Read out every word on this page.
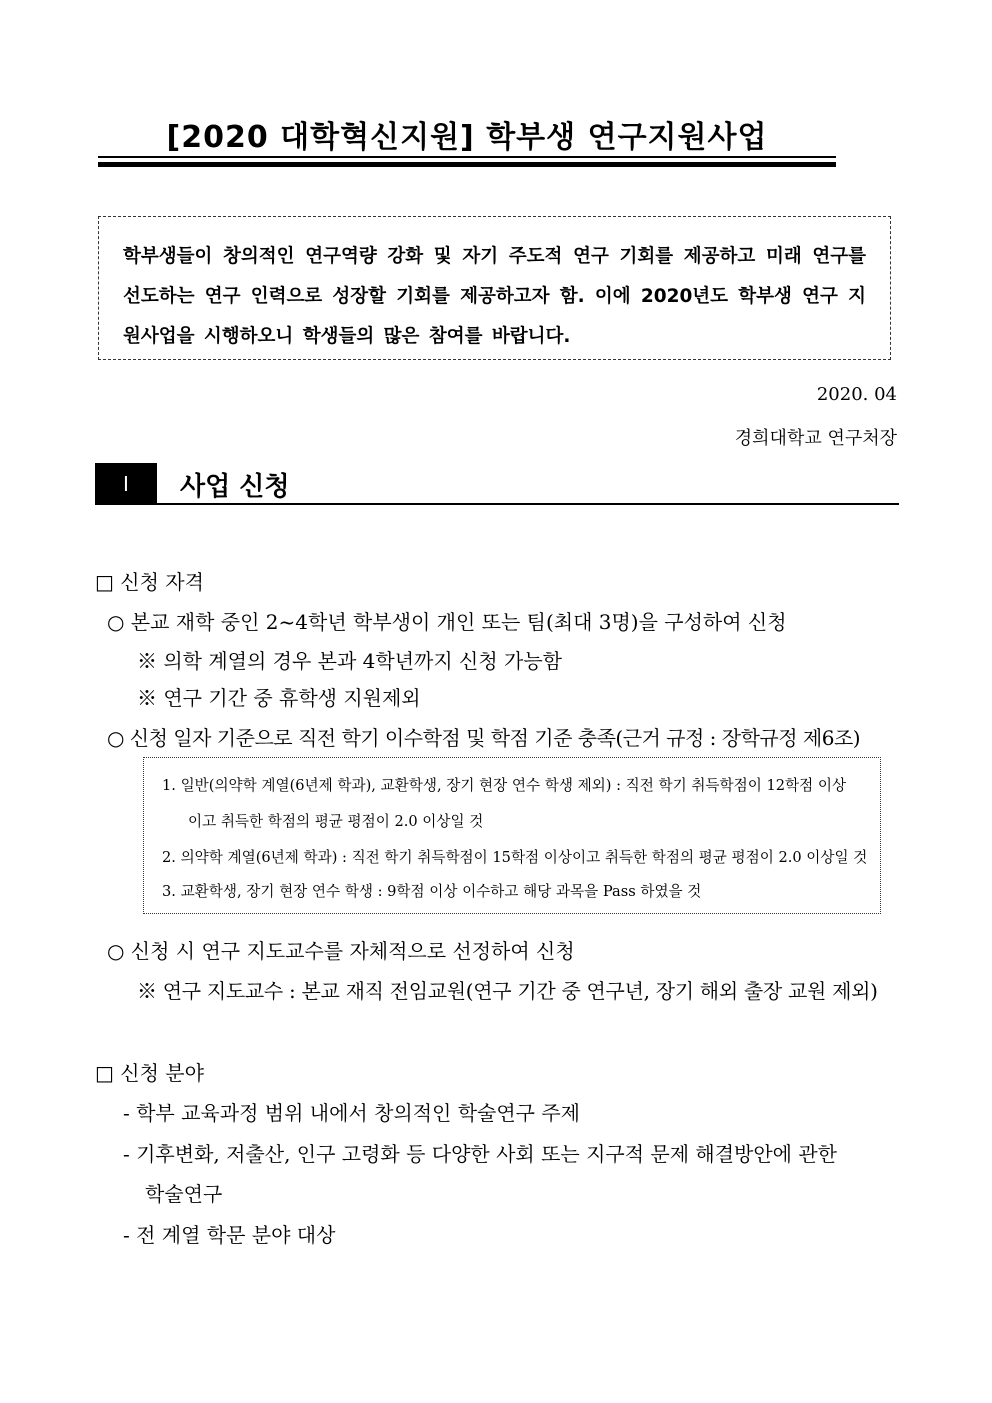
[2020 대학혁신지원] 학부생 연구지원사업
학부생들이 창의적인 연구역량 강화 및 자기 주도적 연구 기회를 제공하고 미래 연구를 선도하는 연구 인력으로 성장할 기회를 제공하고자 함. 이에 2020년도 학부생 연구 지원사업을 시행하오니 학생들의 많은 참여를 바랍니다.
2020. 04
경희대학교 연구처장
Ⅰ	사업 신청
□ 신청 자격
○ 본교 재학 중인 2~4학년 학부생이 개인 또는 팀(최대 3명)을 구성하여 신청
※ 의학 계열의 경우 본과 4학년까지 신청 가능함
※ 연구 기간 중 휴학생 지원제외
○ 신청 일자 기준으로 직전 학기 이수학점 및 학점 기준 충족(근거 규정 : 장학규정 제6조)
1. 일반(의약학 계열(6년제 학과), 교환학생, 장기 현장 연수 학생 제외) : 직전 학기 취득학점이 12학점 이상
이고 취득한 학점의 평균 평점이 2.0 이상일 것
2. 의약학 계열(6년제 학과) : 직전 학기 취득학점이 15학점 이상이고 취득한 학점의 평균 평점이 2.0 이상일 것
3. 교환학생, 장기 현장 연수 학생 : 9학점 이상 이수하고 해당 과목을 Pass 하였을 것
○ 신청 시 연구 지도교수를 자체적으로 선정하여 신청
※ 연구 지도교수 : 본교 재직 전임교원(연구 기간 중 연구년, 장기 해외 출장 교원 제외)
□ 신청 분야
- 학부 교육과정 범위 내에서 창의적인 학술연구 주제
- 기후변화, 저출산, 인구 고령화 등 다양한 사회 또는 지구적 문제 해결방안에 관한
학술연구
- 전 계열 학문 분야 대상
